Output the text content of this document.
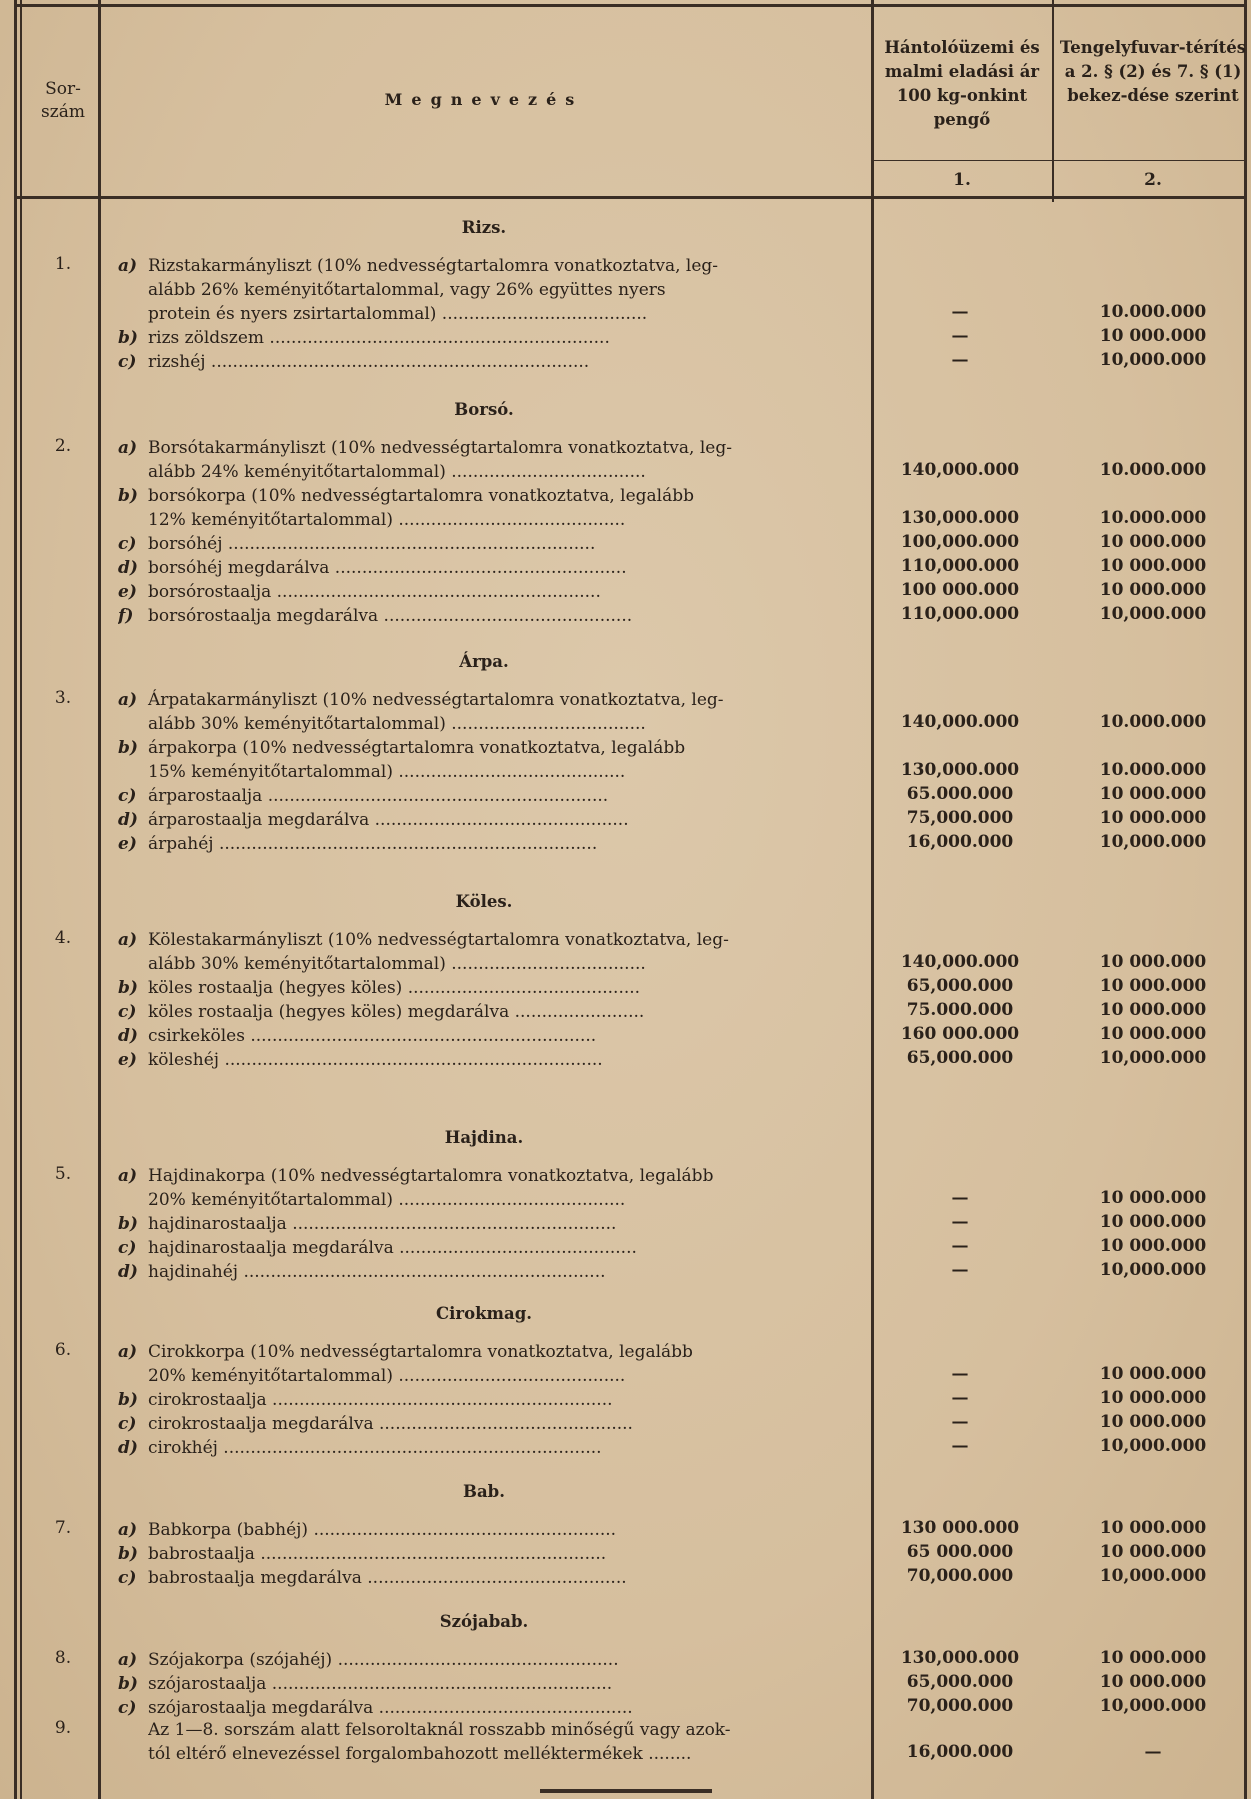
Sor-
szám
Megnevezés
Hántolóüzemi és malmi eladási ár 100 kg-onkint pengő
Tengelyfuvar-térítés a 2. § (2) és 7. § (1) bekez-dése szerint
1.	2.
Rizs.
1.	a) Rizstakarmányliszt (10% nedvességtartalomra vonatkoztatva, leg-
alább 26% keményitőtartalommal, vagy 26% együttes nyers
protein és nyers zsirtartalommal) ......................................	—	10.000.000
b) rizs zöldszem ...............................................................	—	10 000.000
c) rizshéj ......................................................................	—	10,000.000
Borsó.
2.	a) Borsótakarmányliszt (10% nedvességtartalomra vonatkoztatva, leg-
alább 24% keményitőtartalommal) ....................................	140,000.000	10.000.000
b) borsókorpa (10% nedvességtartalomra vonatkoztatva, legalább
12% keményitőtartalommal) ..........................................	130,000.000	10.000.000
c) borsóhéj ....................................................................	100,000.000	10 000.000
d) borsóhéj megdarálva ......................................................	110,000.000	10 000.000
e) borsórostaalja ............................................................	100 000.000	10 000.000
f) borsórostaalja megdarálva ..............................................	110,000.000	10,000.000
Árpa.
3.	a) Árpatakarmányliszt (10% nedvességtartalomra vonatkoztatva, leg-
alább 30% keményitőtartalommal) ....................................	140,000.000	10.000.000
b) árpakorpa (10% nedvességtartalomra vonatkoztatva, legalább
15% keményitőtartalommal) ..........................................	130,000.000	10.000.000
c) árparostaalja ...............................................................	65.000.000	10 000.000
d) árparostaalja megdarálva ...............................................	75,000.000	10 000.000
e) árpahéj ......................................................................	16,000.000	10,000.000
Köles.
4.	a) Kölestakarmányliszt (10% nedvességtartalomra vonatkoztatva, leg-
alább 30% keményitőtartalommal) ....................................	140,000.000	10 000.000
b) köles rostaalja (hegyes köles) ...........................................	65,000.000	10 000.000
c) köles rostaalja (hegyes köles) megdarálva ........................	75.000.000	10 000.000
d) csirkeköles ................................................................	160 000.000	10 000.000
e) köleshéj ......................................................................	65,000.000	10,000.000
Hajdina.
5.	a) Hajdinakorpa (10% nedvességtartalomra vonatkoztatva, legalább
20% keményitőtartalommal) ..........................................	—	10 000.000
b) hajdinarostaalja ............................................................	—	10 000.000
c) hajdinarostaalja megdarálva ............................................	—	10 000.000
d) hajdinahéj ...................................................................	—	10,000.000
Cirokmag.
6.	a) Cirokkorpa (10% nedvességtartalomra vonatkoztatva, legalább
20% keményitőtartalommal) ..........................................	—	10 000.000
b) cirokrostaalja ...............................................................	—	10 000.000
c) cirokrostaalja megdarálva ...............................................	—	10 000.000
d) cirokhéj ......................................................................	—	10,000.000
Bab.
7.	a) Babkorpa (babhéj) ........................................................	130 000.000	10 000.000
b) babrostaalja ................................................................	65 000.000	10 000.000
c) babrostaalja megdarálva ................................................	70,000.000	10,000.000
Szójabab.
8.	a) Szójakorpa (szójahéj) ....................................................	130,000.000	10 000.000
b) szójarostaalja ...............................................................	65,000.000	10 000.000
c) szójarostaalja megdarálva ...............................................	70,000.000	10,000.000
9.	Az 1—8. sorszám alatt felsoroltaknál rosszabb minőségű vagy azok-
tól eltérő elnevezéssel forgalombahozott melléktermékek ........	16,000.000	—
